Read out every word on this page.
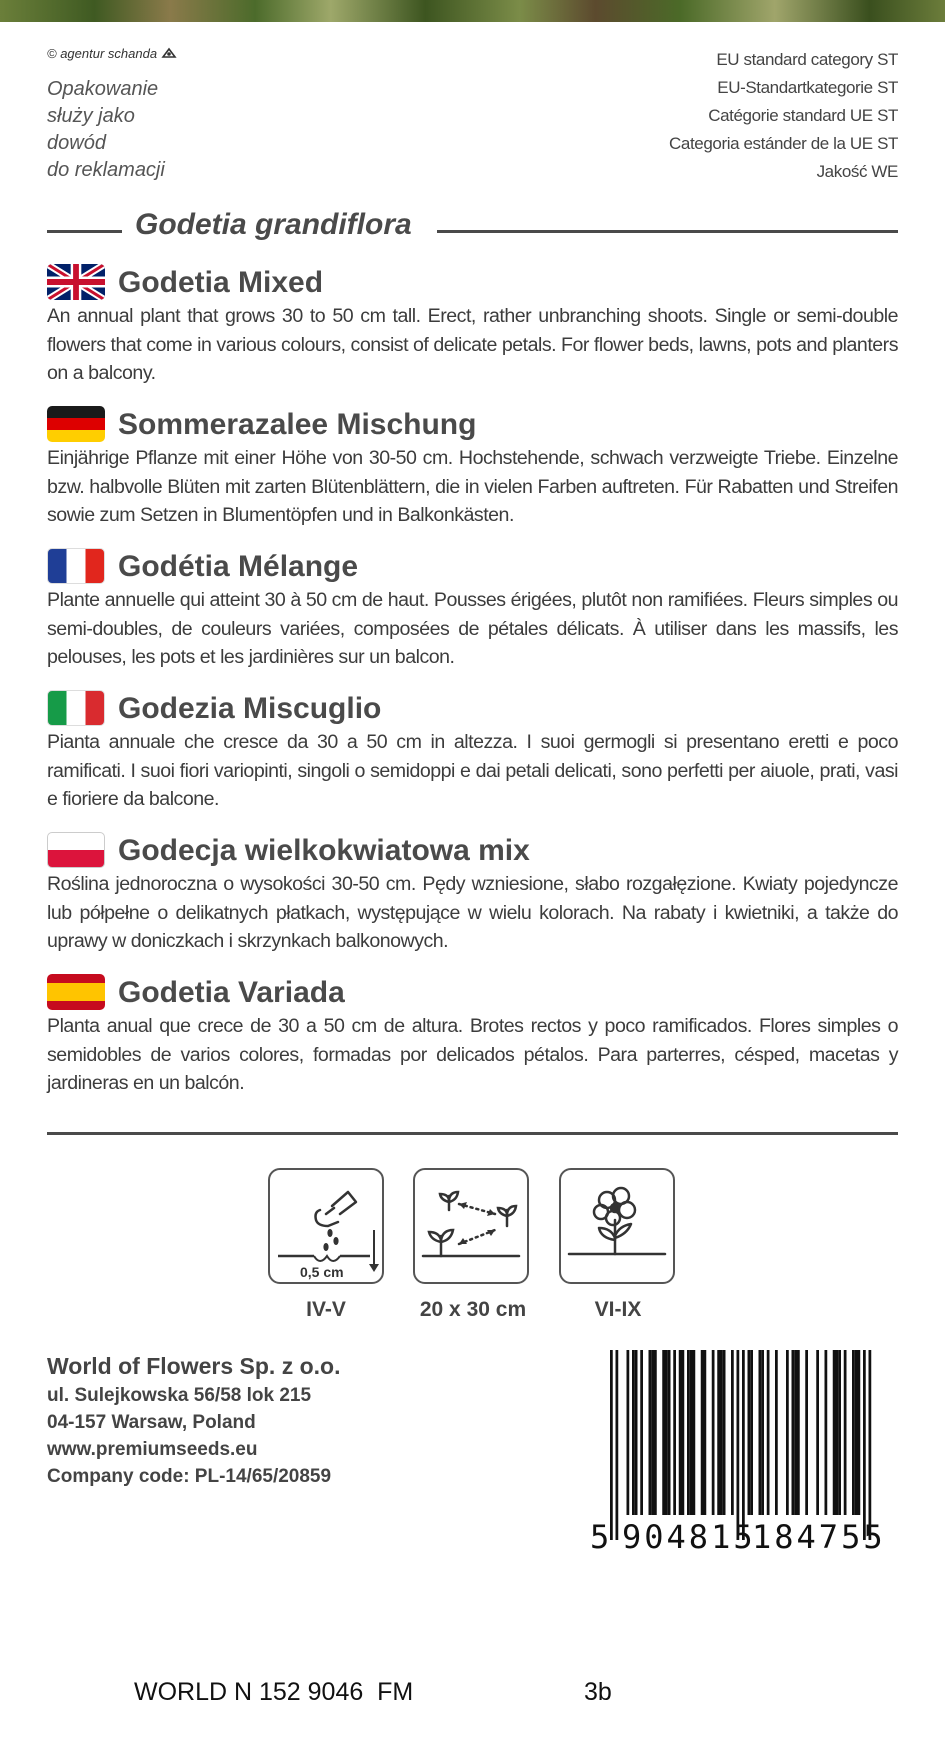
© agentur schanda
Opakowanie
służy jako
dowód
do reklamacji
EU standard category ST
EU-Standartkategorie ST
Catégorie standard UE ST
Categoria estánder de la UE ST
Jakość WE
Godetia grandiflora
Godetia Mixed
An annual plant that grows 30 to 50 cm tall. Erect, rather unbranching shoots. Single or semi-double flowers that come in various colours, consist of delicate petals. For flower beds, lawns, pots and planters on a balcony.
Sommerazalee Mischung
Einjährige Pflanze mit einer Höhe von 30-50 cm. Hochstehende, schwach verzweigte Triebe. Einzelne bzw. halbvolle Blüten mit zarten Blütenblättern, die in vielen Farben auftreten. Für Rabatten und Streifen sowie zum Setzen in Blumentöpfen und in Balkonkästen.
Godétia Mélange
Plante annuelle qui atteint 30 à 50 cm de haut. Pousses érigées, plutôt non ramifiées. Fleurs simples ou semi-doubles, de couleurs variées, composées de pétales délicats. À utiliser dans les massifs, les pelouses, les pots et les jardinières sur un balcon.
Godezia Miscuglio
Pianta annuale che cresce da 30 a 50 cm in altezza. I suoi germogli si presentano eretti e poco ramificati. I suoi fiori variopinti, singoli o semidoppi e dai petali delicati, sono perfetti per aiuole, prati, vasi e fioriere da balcone.
Godecja wielkokwiatowa mix
Roślina jednoroczna o wysokości 30-50 cm. Pędy wzniesione, słabo rozgałęzione. Kwiaty pojedyncze lub półpełne o delikatnych płatkach, występujące w wielu kolorach. Na rabaty i kwietniki, a także do uprawy w doniczkach i skrzynkach balkonowych.
Godetia Variada
Planta anual que crece de 30 a 50 cm de altura. Brotes rectos y poco ramificados. Flores simples o semidobles de varios colores, formadas por delicados pétalos. Para parterres, césped, macetas y jardineras en un balcón.
0,5 cm
IV-V	20 x 30 cm	VI-IX
World of Flowers Sp. z o.o.
ul. Sulejkowska 56/58 lok 215
04-157 Warsaw, Poland
www.premiumseeds.eu
Company code: PL-14/65/20859
5 904815
184755
WORLD N 152 9046  FM	3b
